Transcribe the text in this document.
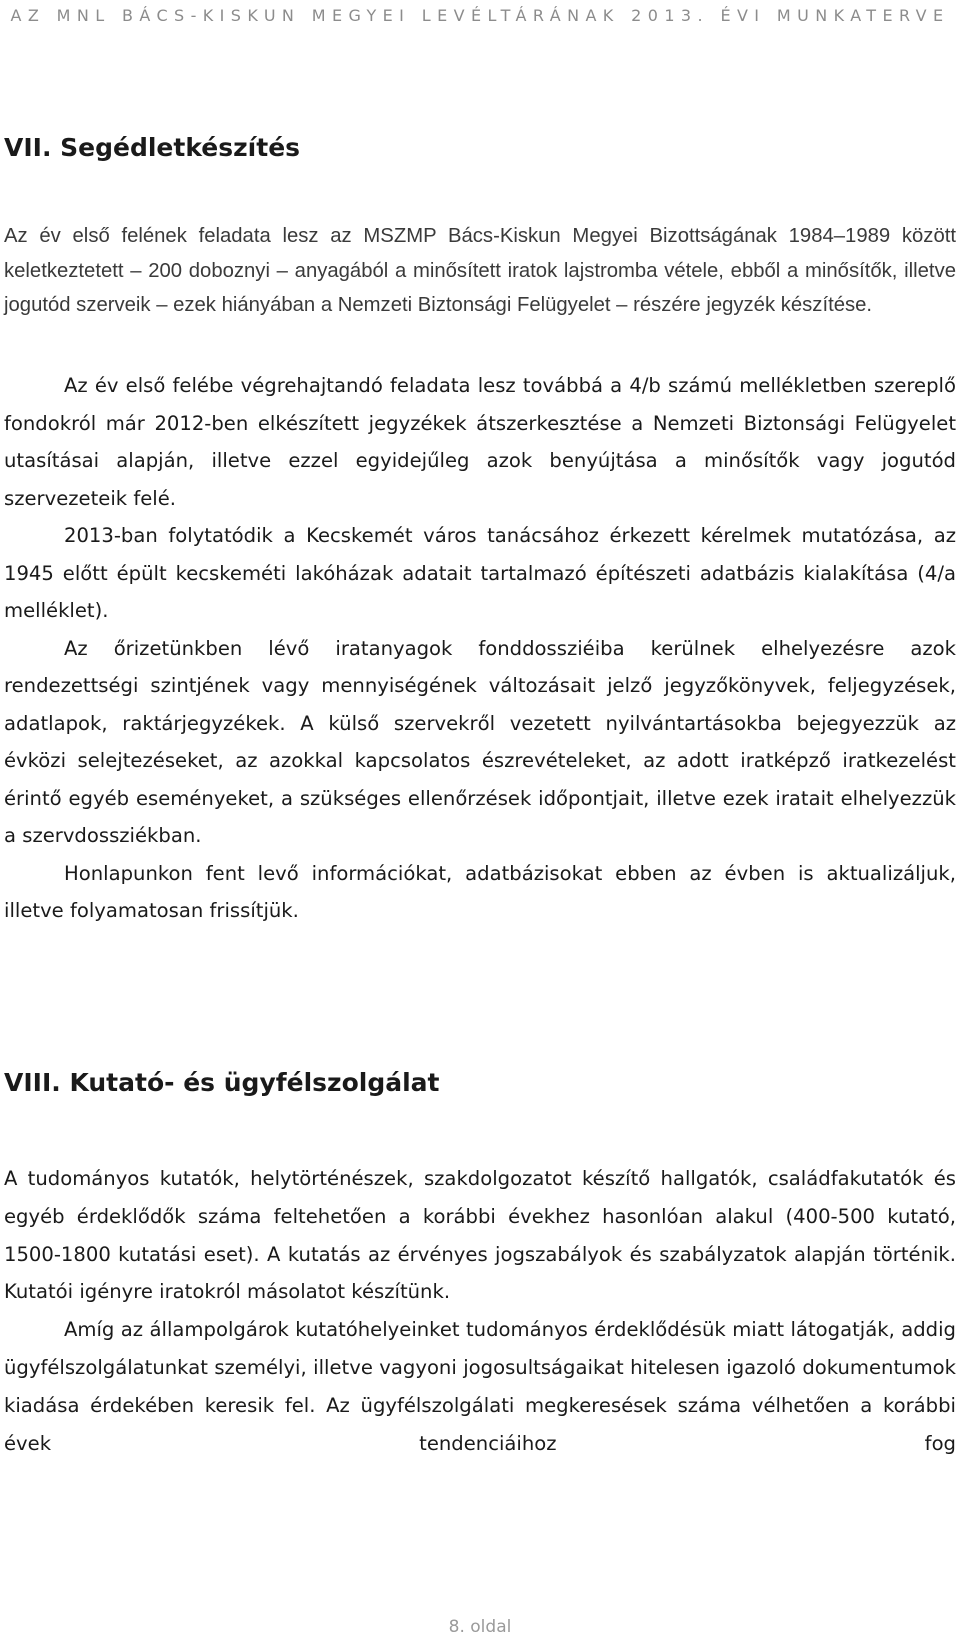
AZ MNL BÁCS-KISKUN MEGYEI LEVÉLTÁRÁNAK 2013. ÉVI MUNKATERVE
VII. Segédletkészítés

Az év első felének feladata lesz az MSZMP Bács-Kiskun Megyei Bizottságának 1984–1989 között keletkeztetett – 200 doboznyi – anyagából a minősített iratok lajstromba vétele, ebből a minősítők, illetve jogutód szerveik – ezek hiányában a Nemzeti Biztonsági Felügyelet – részére jegyzék készítése.

Az év első felébe végrehajtandó feladata lesz továbbá a 4/b számú mellékletben szereplő fondokról már 2012-ben elkészített jegyzékek átszerkesztése a Nemzeti Biztonsági Felügyelet utasításai alapján, illetve ezzel egyidejűleg azok benyújtása a minősítők vagy jogutód szervezeteik felé.

2013-ban folytatódik a Kecskemét város tanácsához érkezett kérelmek mutatózása, az 1945 előtt épült kecskeméti lakóházak adatait tartalmazó építészeti adatbázis kialakítása (4/a melléklet).

Az őrizetünkben lévő iratanyagok fonddossziéiba kerülnek elhelyezésre azok rendezettségi szintjének vagy mennyiségének változásait jelző jegyzőkönyvek, feljegyzések, adatlapok, raktárjegyzékek. A külső szervekről vezetett nyilvántartásokba bejegyezzük az évközi selejtezéseket, az azokkal kapcsolatos észrevételeket, az adott iratképző iratkezelést érintő egyéb eseményeket, a szükséges ellenőrzések időpontjait, illetve ezek iratait elhelyezzük a szervdossziékban.

Honlapunkon fent levő információkat, adatbázisokat ebben az évben is aktualizáljuk, illetve folyamatosan frissítjük.

VIII. Kutató- és ügyfélszolgálat

A tudományos kutatók, helytörténészek, szakdolgozatot készítő hallgatók, családfakutatók és egyéb érdeklődők száma feltehetően a korábbi évekhez hasonlóan alakul (400-500 kutató, 1500-1800 kutatási eset). A kutatás az érvényes jogszabályok és szabályzatok alapján történik. Kutatói igényre iratokról másolatot készítünk.

Amíg az állampolgárok kutatóhelyeinket tudományos érdeklődésük miatt látogatják, addig ügyfélszolgálatunkat személyi, illetve vagyoni jogosultságaikat hitelesen igazoló dokumentumok kiadása érdekében keresik fel. Az ügyfélszolgálati megkeresések száma vélhetően a korábbi évek tendenciáihoz fog

8. oldal
